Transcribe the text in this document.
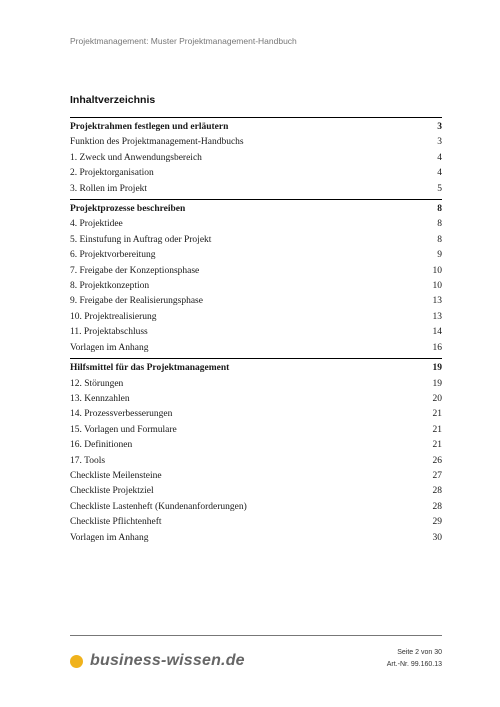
Projektmanagement: Muster Projektmanagement-Handbuch
Inhaltverzeichnis
Projektrahmen festlegen und erläutern	3
Funktion des Projektmanagement-Handbuchs	3
1. Zweck und Anwendungsbereich	4
2. Projektorganisation	4
3. Rollen im Projekt	5
Projektprozesse beschreiben	8
4. Projektidee	8
5. Einstufung in Auftrag oder Projekt	8
6. Projektvorbereitung	9
7. Freigabe der Konzeptionsphase	10
8. Projektkonzeption	10
9. Freigabe der Realisierungsphase	13
10. Projektrealisierung	13
11. Projektabschluss	14
Vorlagen im Anhang	16
Hilfsmittel für das Projektmanagement	19
12. Störungen	19
13. Kennzahlen	20
14. Prozessverbesserungen	21
15. Vorlagen und Formulare	21
16. Definitionen	21
17. Tools	26
Checkliste Meilensteine	27
Checkliste Projektziel	28
Checkliste Lastenheft (Kundenanforderungen)	28
Checkliste Pflichtenheft	29
Vorlagen im Anhang	30
business-wissen.de	Seite 2 von 30
Art.-Nr. 99.160.13
